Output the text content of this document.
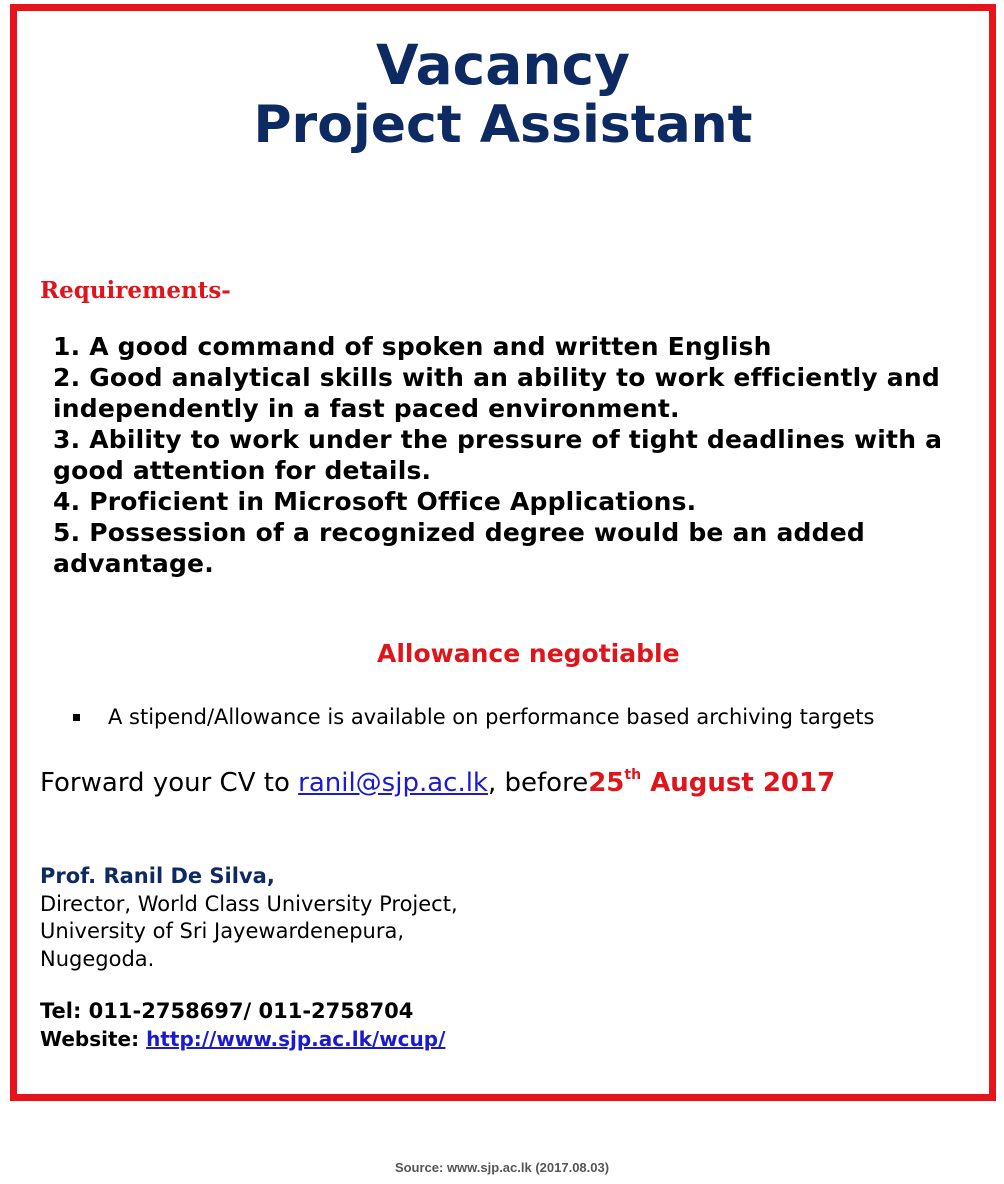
Vacancy
Project Assistant
Requirements-
1. A good command of spoken and written English
2. Good analytical skills with an ability to work efficiently and independently in a fast paced environment.
3. Ability to work under the pressure of tight deadlines with a good attention for details.
4. Proficient in Microsoft Office Applications.
5. Possession of a recognized degree would be an added advantage.
Allowance negotiable
A stipend/Allowance is available on performance based archiving targets
Forward your CV to ranil@sjp.ac.lk, before25th August 2017
Prof. Ranil De Silva,
Director, World Class University Project,
University of Sri Jayewardenepura,
Nugegoda.
Tel: 011-2758697/ 011-2758704
Website: http://www.sjp.ac.lk/wcup/
Source: www.sjp.ac.lk (2017.08.03)
